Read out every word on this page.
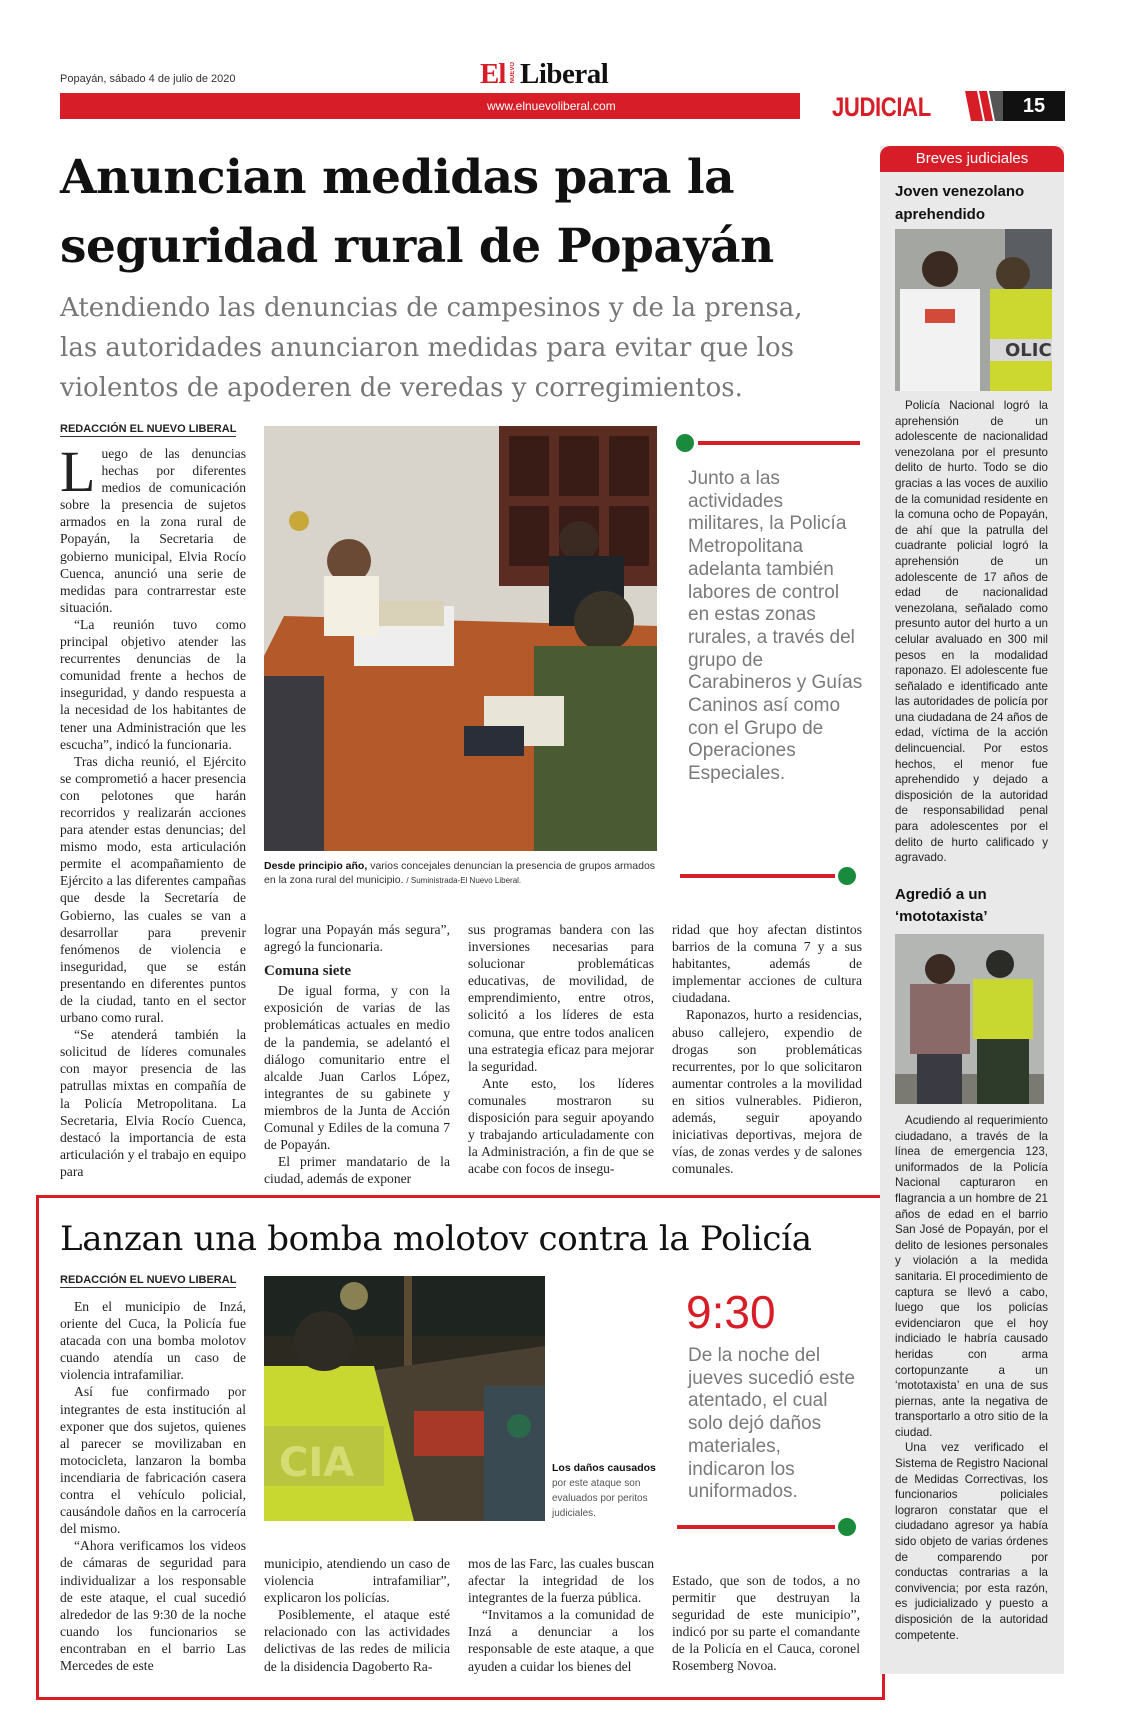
Popayán, sábado 4 de julio de 2020	El NUEVO Liberal
www.elnuevoliberal.com	JUDICIAL	15
Anuncian medidas para la
seguridad rural de Popayán
Atendiendo las denuncias de campesinos y de la prensa, las autoridades anunciaron medidas para evitar que los violentos de apoderen de veredas y corregimientos.
REDACCIÓN EL NUEVO LIBERAL
L uego de las denuncias hechas por diferentes medios de comunicación sobre la presencia de sujetos armados en la zona rural de Popayán, la Secretaria de gobierno municipal, Elvia Rocío Cuenca, anunció una serie de medidas para contrarrestar este situación.

“La reunión tuvo como principal objetivo atender las recurrentes denuncias de la comunidad frente a hechos de inseguridad, y dando respuesta a la necesidad de los habitantes de tener una Administración que les escucha”, indicó la funcionaria.

Tras dicha reunió, el Ejército se comprometió a hacer presencia con pelotones que harán recorridos y realizarán acciones para atender estas denuncias; del mismo modo, esta articulación permite el acompañamiento de Ejército a las diferentes campañas que desde la Secretaría de Gobierno, las cuales se van a desarrollar para prevenir fenómenos de violencia e inseguridad, que se están presentando en diferentes puntos de la ciudad, tanto en el sector urbano como rural.

“Se atenderá también la solicitud de líderes comunales con mayor presencia de las patrullas mixtas en compañía de la Policía Metropolitana. La Secretaria, Elvia Rocío Cuenca, destacó la importancia de esta articulación y el trabajo en equipo para

Desde principio año, varios concejales denuncian la presencia de grupos armados en la zona rural del municipio. / Suministrada-El Nuevo Liberal.
Junto a las actividades militares, la Policía Metropolitana adelanta también labores de control en estas zonas rurales, a través del grupo de Carabineros y Guías Caninos así como con el Grupo de Operaciones Especiales.

lograr una Popayán más segura”, agregó la funcionaria.

Comuna siete

De igual forma, y con la exposición de varias de las problemáticas actuales en medio de la pandemia, se adelantó el diálogo comunitario entre el alcalde Juan Carlos López, integrantes de su gabinete y miembros de la Junta de Acción Comunal y Ediles de la comuna 7 de Popayán.

El primer mandatario de la ciudad, además de exponer

sus programas bandera con las inversiones necesarias para solucionar problemáticas educativas, de movilidad, de emprendimiento, entre otros, solicitó a los líderes de esta comuna, que entre todos analicen una estrategia eficaz para mejorar la seguridad.

Ante esto, los líderes comunales mostraron su disposición para seguir apoyando y trabajando articuladamente con la Administración, a fin de que se acabe con focos de insegu-

ridad que hoy afectan distintos barrios de la comuna 7 y a sus habitantes, además de implementar acciones de cultura ciudadana.

Raponazos, hurto a residencias, abuso callejero, expendio de drogas son problemáticas recurrentes, por lo que solicitaron aumentar controles a la movilidad en sitios vulnerables. Pidieron, además, seguir apoyando iniciativas deportivas, mejora de vías, de zonas verdes y de salones comunales.

Lanzan una bomba molotov contra la Policía
REDACCIÓN EL NUEVO LIBERAL

En el municipio de Inzá, oriente del Cuca, la Policía fue atacada con una bomba molotov cuando atendía un caso de violencia intrafamiliar.

Así fue confirmado por integrantes de esta institución al exponer que dos sujetos, quienes al parecer se movilizaban en motocicleta, lanzaron la bomba incendiaria de fabricación casera contra el vehículo policial, causándole daños en la carrocería del mismo.

“Ahora verificamos los videos de cámaras de seguridad para individualizar a los responsable de este ataque, el cual sucedió alrededor de las 9:30 de la noche cuando los funcionarios se encontraban en el barrio Las Mercedes de este

CIA	Los daños causados por este ataque son evaluados por peritos judiciales.
9:30
De la noche del jueves sucedió este atentado, el cual solo dejó daños materiales, indicaron los uniformados.

municipio, atendiendo un caso de violencia intrafamiliar”, explicaron los policías.

Posiblemente, el ataque esté relacionado con las actividades delictivas de las redes de milicia de la disidencia Dagoberto Ra-

mos de las Farc, las cuales buscan afectar la integridad de los integrantes de la fuerza pública.

“Invitamos a la comunidad de Inzá a denunciar a los responsable de este ataque, a que ayuden a cuidar los bienes del

Estado, que son de todos, a no permitir que destruyan la seguridad de este municipio”, indicó por su parte el comandante de la Policía en el Cauca, coronel Rosemberg Novoa.

Breves judiciales
Joven venezolano aprehendido
OLIC

Policía Nacional logró la aprehensión de un adolescente de nacionalidad venezolana por el presunto delito de hurto. Todo se dio gracias a las voces de auxilio de la comunidad residente en la comuna ocho de Popayán, de ahí que la patrulla del cuadrante policial logró la aprehensión de un adolescente de 17 años de edad de nacionalidad venezolana, señalado como presunto autor del hurto a un celular avaluado en 300 mil pesos en la modalidad raponazo. El adolescente fue señalado e identificado ante las autoridades de policía por una ciudadana de 24 años de edad, víctima de la acción delincuencial. Por estos hechos, el menor fue aprehendido y dejado a disposición de la autoridad de responsabilidad penal para adolescentes por el delito de hurto calificado y agravado.

Agredió a un ‘mototaxista’

Acudiendo al requerimiento ciudadano, a través de la línea de emergencia 123, uniformados de la Policía Nacional capturaron en flagrancia a un hombre de 21 años de edad en el barrio San José de Popayán, por el delito de lesiones personales y violación a la medida sanitaria. El procedimiento de captura se llevó a cabo, luego que los policías evidenciaron que el hoy indiciado le habría causado heridas con arma cortopunzante a un ‘mototaxista’ en una de sus piernas, ante la negativa de transportarlo a otro sitio de la ciudad.

Una vez verificado el Sistema de Registro Nacional de Medidas Correctivas, los funcionarios policiales lograron constatar que el ciudadano agresor ya había sido objeto de varias órdenes de comparendo por conductas contrarias a la convivencia; por esta razón, es judicializado y puesto a disposición de la autoridad competente.
